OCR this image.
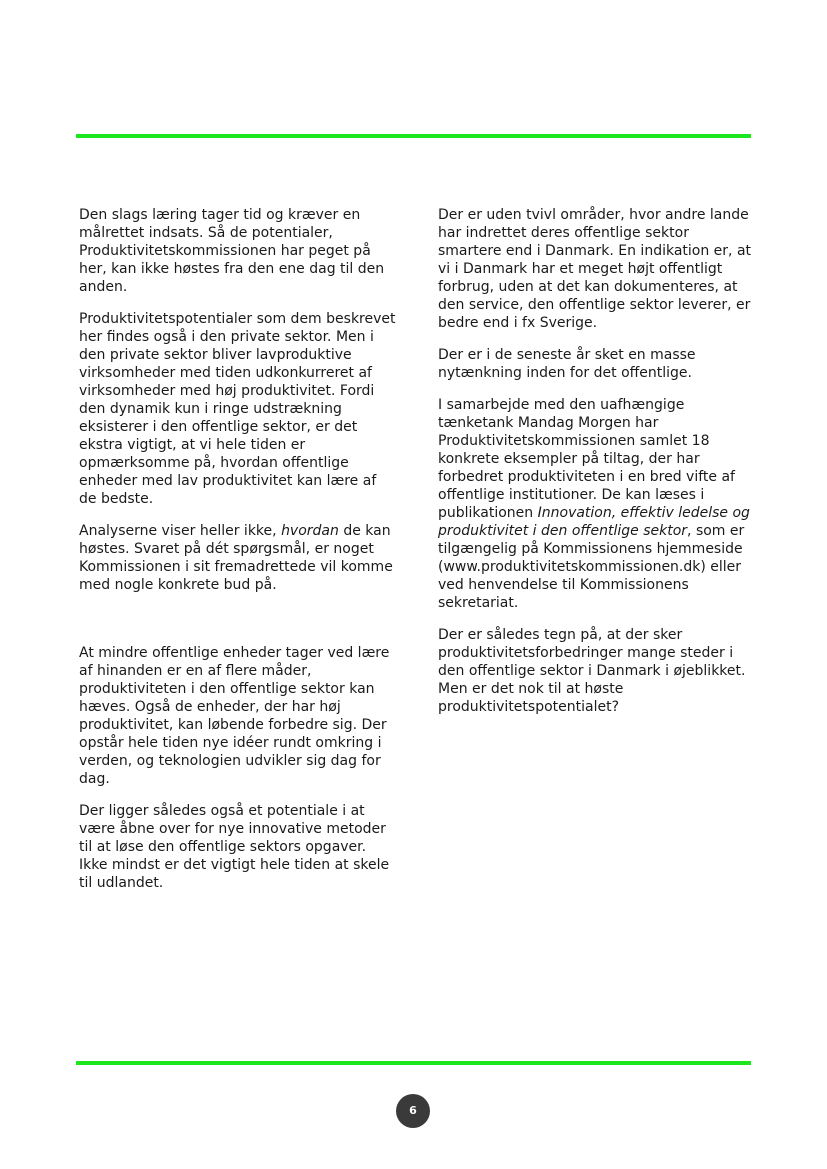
Den slags læring tager tid og kræver en målrettet indsats. Så de potentialer, Produktivitetskommissionen har peget på her, kan ikke høstes fra den ene dag til den anden.

Produktivitetspotentialer som dem beskrevet her findes også i den private sektor. Men i den private sektor bliver lavproduktive virksomheder med tiden udkonkurreret af virksomheder med høj produktivitet. Fordi den dynamik kun i ringe udstrækning eksisterer i den offentlige sektor, er det ekstra vigtigt, at vi hele tiden er opmærksomme på, hvordan offentlige enheder med lav produktivitet kan lære af de bedste.

Analyserne viser heller ikke, hvordan de kan høstes. Svaret på dét spørgsmål, er noget Kommissionen i sit fremadrettede vil komme med nogle konkrete bud på.

At mindre offentlige enheder tager ved lære af hinanden er en af flere måder, produktiviteten i den offentlige sektor kan hæves. Også de enheder, der har høj produktivitet, kan løbende forbedre sig. Der opstår hele tiden nye idéer rundt omkring i verden, og teknologien udvikler sig dag for dag.

Der ligger således også et potentiale i at være åbne over for nye innovative metoder til at løse den offentlige sektors opgaver. Ikke mindst er det vigtigt hele tiden at skele til udlandet.

Der er uden tvivl områder, hvor andre lande har indrettet deres offentlige sektor smartere end i Danmark. En indikation er, at vi i Danmark har et meget højt offentligt forbrug, uden at det kan dokumenteres, at den service, den offentlige sektor leverer, er bedre end i fx Sverige.

Der er i de seneste år sket en masse nytænkning inden for det offentlige.

I samarbejde med den uafhængige tænketank Mandag Morgen har Produktivitetskommissionen samlet 18 konkrete eksempler på tiltag, der har forbedret produktiviteten i en bred vifte af offentlige institutioner. De kan læses i publikationen Innovation, effektiv ledelse og produktivitet i den offentlige sektor, som er tilgængelig på Kommissionens hjemmeside (www.produktivitetskommissionen.dk) eller ved henvendelse til Kommissionens sekretariat.

Der er således tegn på, at der sker produktivitetsforbedringer mange steder i den offentlige sektor i Danmark i øjeblikket. Men er det nok til at høste produktivitetspotentialet?

6
